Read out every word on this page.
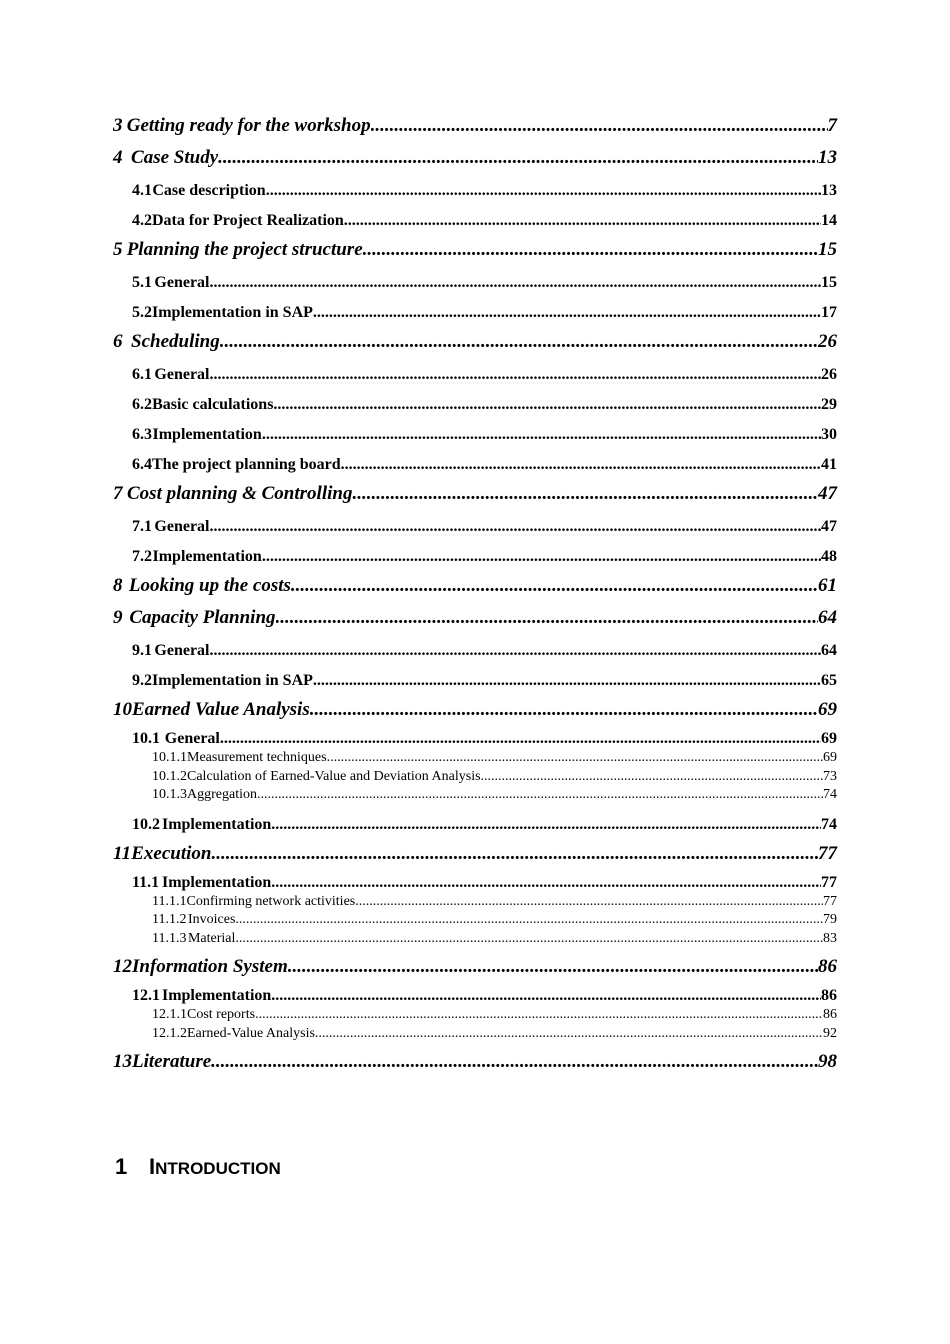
3 Getting ready for the workshop .....	7
4 Case Study .....	13
4.1 Case description .....	13
4.2 Data for Project Realization .....	14
5 Planning the project structure .....	15
5.1 General .....	15
5.2 Implementation in SAP .....	17
6 Scheduling .....	26
6.1 General .....	26
6.2 Basic calculations .....	29
6.3 Implementation .....	30
6.4 The project planning board .....	41
7 Cost planning & Controlling .....	47
7.1 General .....	47
7.2 Implementation .....	48
8 Looking up the costs .....	61
9 Capacity Planning .....	64
9.1 General .....	64
9.2 Implementation in SAP .....	65
10 Earned Value Analysis .....	69
10.1 General .....	69
10.1.1 Measurement techniques .....	69
10.1.2 Calculation of Earned-Value and Deviation Analysis .....	73
10.1.3 Aggregation .....	74
10.2 Implementation .....	74
11 Execution .....	77
11.1 Implementation .....	77
11.1.1 Confirming network activities .....	77
11.1.2 Invoices .....	79
11.1.3 Material .....	83
12 Information System .....	86
12.1 Implementation .....	86
12.1.1 Cost reports .....	86
12.1.2 Earned-Value Analysis .....	92
13 Literature .....	98
1 INTRODUCTION
